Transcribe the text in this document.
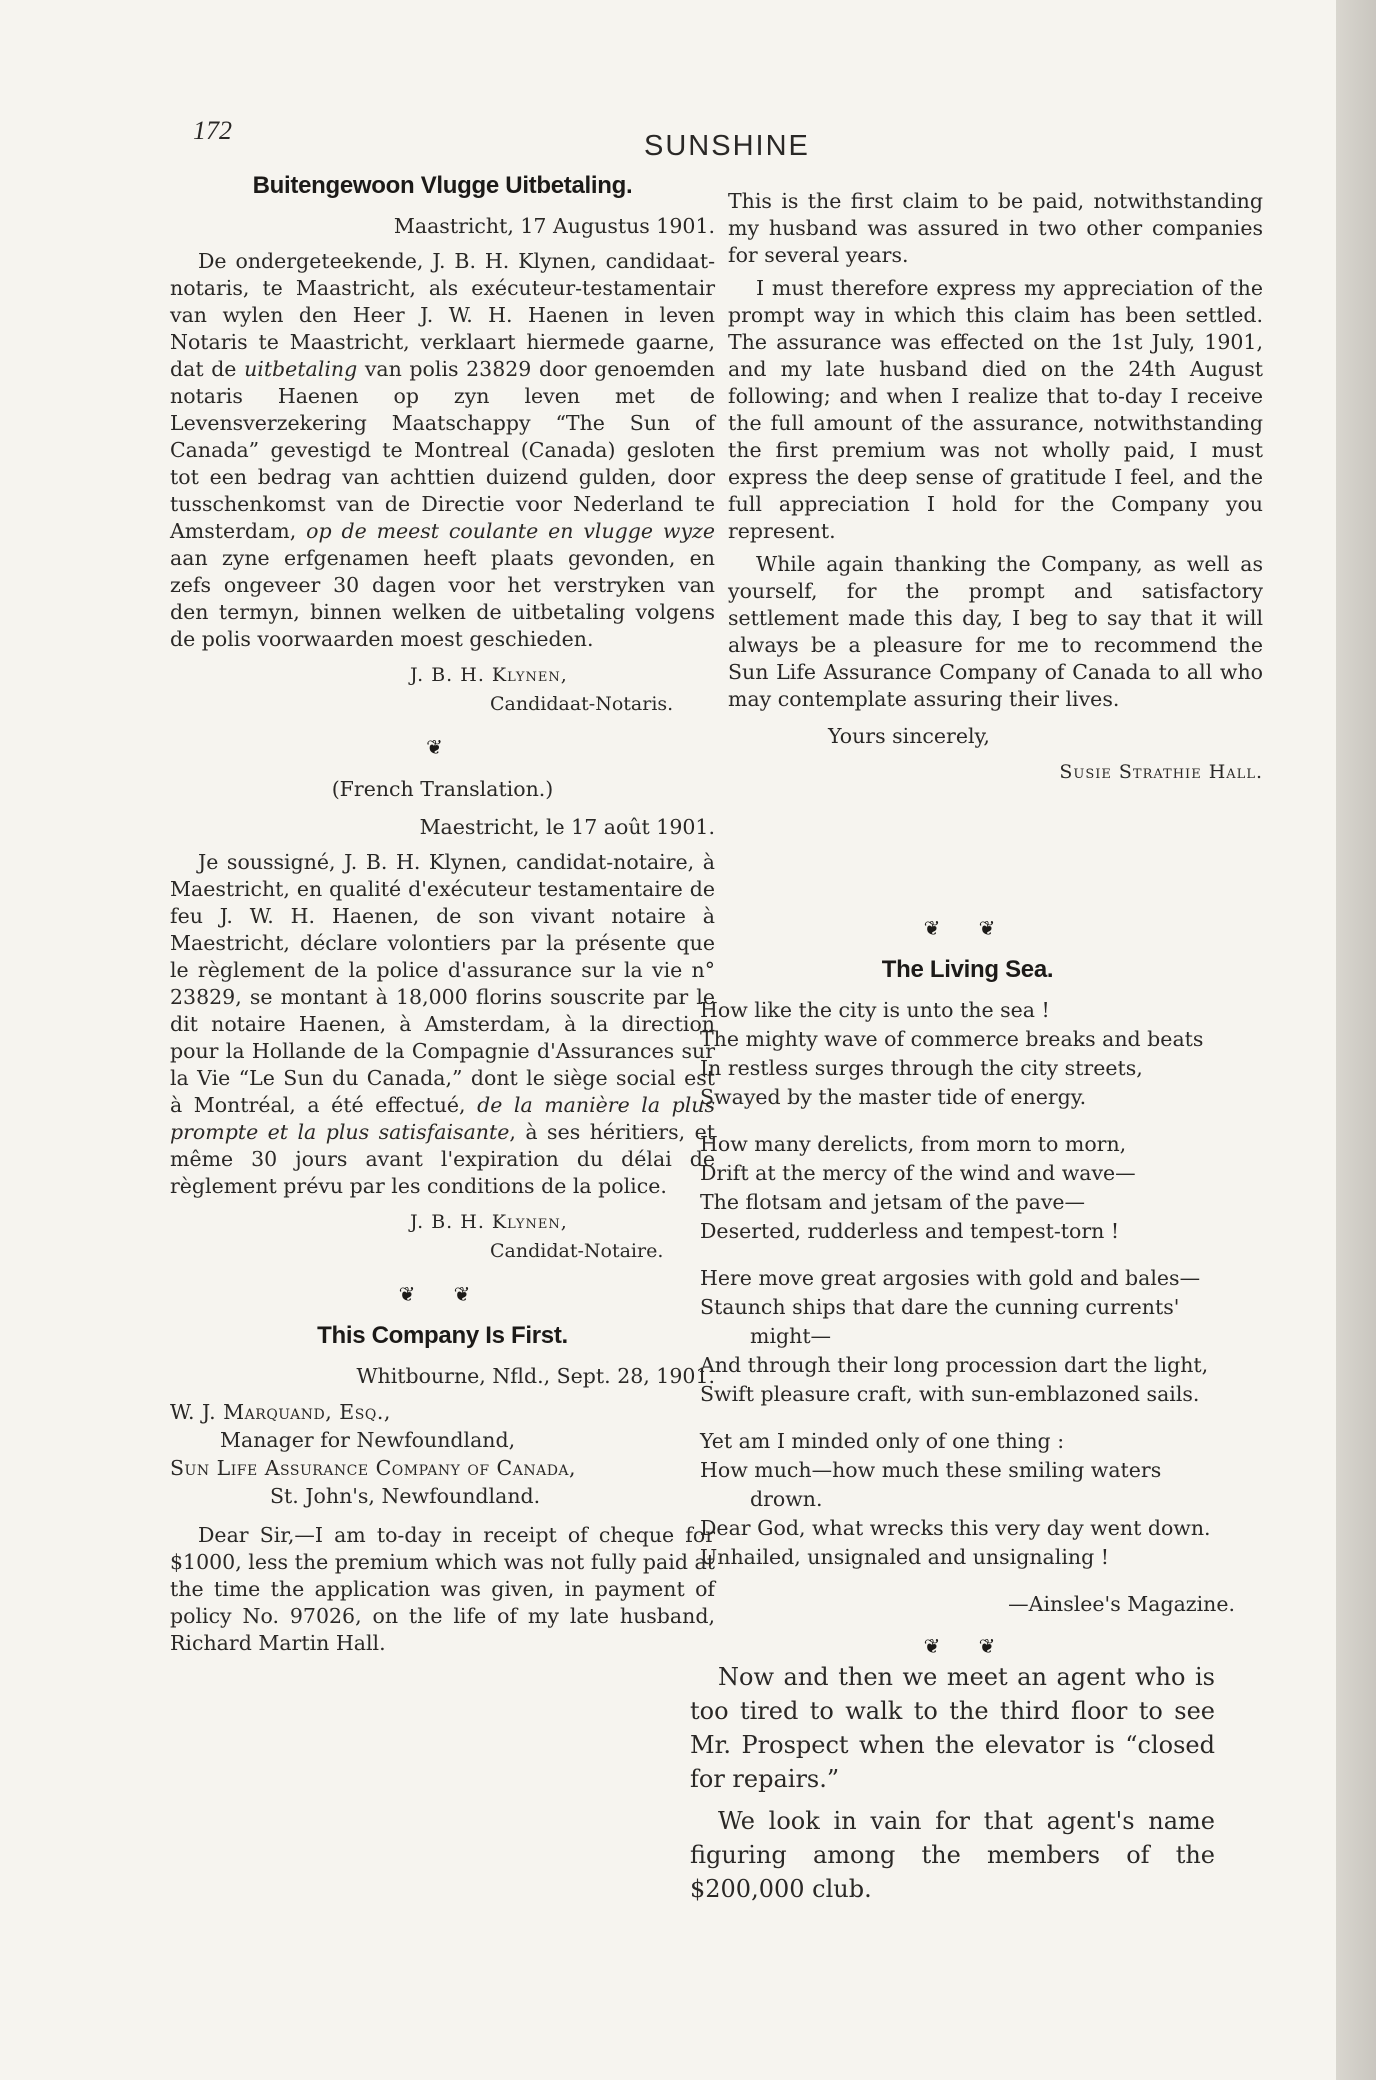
172	SUNSHINE
Buitengewoon Vlugge Uitbetaling.
Maastricht, 17 Augustus 1901.

De ondergeteekende, J. B. H. Klynen, candidaat-notaris, te Maastricht, als exécuteur-testamentair van wylen den Heer J. W. H. Haenen in leven Notaris te Maastricht, verklaart hiermede gaarne, dat de uitbetaling van polis 23829 door genoemden notaris Haenen op zyn leven met de Levensverzekering Maatschappy “The Sun of Canada” gevestigd te Montreal (Canada) gesloten tot een bedrag van achttien duizend gulden, door tusschenkomst van de Directie voor Nederland te Amsterdam, op de meest coulante en vlugge wyze aan zyne erfgenamen heeft plaats gevonden, en zefs ongeveer 30 dagen voor het verstryken van den termyn, binnen welken de uitbetaling volgens de polis voorwaarden moest geschieden.

J. B. H. Klynen,
Candidaat-Notaris.
❦
(French Translation.)
Maestricht, le 17 août 1901.

Je soussigné, J. B. H. Klynen, candidat-notaire, à Maestricht, en qualité d'exécuteur testamentaire de feu J. W. H. Haenen, de son vivant notaire à Maestricht, déclare volontiers par la présente que le règlement de la police d'assurance sur la vie n° 23829, se montant à 18,000 florins souscrite par le dit notaire Haenen, à Amsterdam, à la direction pour la Hollande de la Compagnie d'Assurances sur la Vie “Le Sun du Canada,” dont le siège social est à Montréal, a été effectué, de la manière la plus prompte et la plus satisfaisante, à ses héritiers, et même 30 jours avant l'expiration du délai de règlement prévu par les conditions de la police.

J. B. H. Klynen,
Candidat-Notaire.
❦ ❦
This Company Is First.
Whitbourne, Nfld., Sept. 28, 1901.
W. J. Marquand, Esq.,
Manager for Newfoundland,
Sun Life Assurance Company of Canada,
St. John's, Newfoundland.

Dear Sir,—I am to-day in receipt of cheque for $1000, less the premium which was not fully paid at the time the application was given, in payment of policy No. 97026, on the life of my late husband, Richard Martin Hall.

This is the first claim to be paid, notwithstanding my husband was assured in two other companies for several years.

I must therefore express my appreciation of the prompt way in which this claim has been settled. The assurance was effected on the 1st July, 1901, and my late husband died on the 24th August following; and when I realize that to-day I receive the full amount of the assurance, notwithstanding the first premium was not wholly paid, I must express the deep sense of gratitude I feel, and the full appreciation I hold for the Company you represent.

While again thanking the Company, as well as yourself, for the prompt and satisfactory settlement made this day, I beg to say that it will always be a pleasure for me to recommend the Sun Life Assurance Company of Canada to all who may contemplate assuring their lives.

Yours sincerely,
Susie Strathie Hall.
❦ ❦
The Living Sea.
How like the city is unto the sea !
The mighty wave of commerce breaks and beats
In restless surges through the city streets,
Swayed by the master tide of energy.
How many derelicts, from morn to morn,
Drift at the mercy of the wind and wave—
The flotsam and jetsam of the pave—
Deserted, rudderless and tempest-torn !
Here move great argosies with gold and bales—
Staunch ships that dare the cunning currents'
might—
And through their long procession dart the light,
Swift pleasure craft, with sun-emblazoned sails.
Yet am I minded only of one thing :
How much—how much these smiling waters
drown.
Dear God, what wrecks this very day went down.
Unhailed, unsignaled and unsignaling !
—Ainslee's Magazine.
❦ ❦

Now and then we meet an agent who is too tired to walk to the third floor to see Mr. Prospect when the elevator is “closed for repairs.”

We look in vain for that agent's name figuring among the members of the $200,000 club.
